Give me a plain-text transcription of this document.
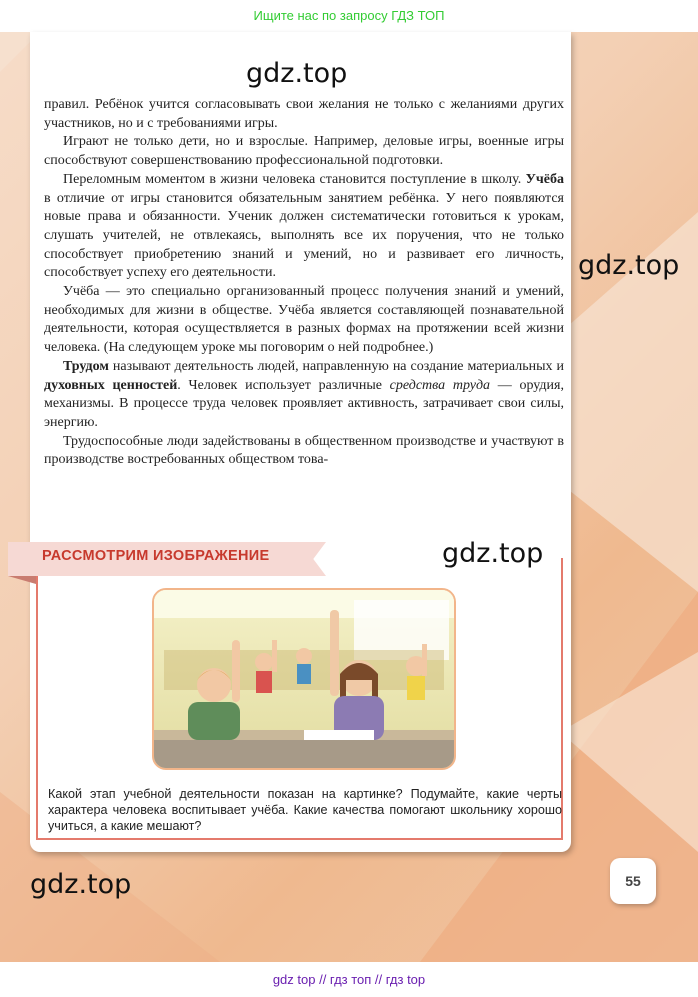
Ищите нас по запросу ГДЗ ТОП

правил. Ребёнок учится согласовывать свои желания не только с желаниями других участников, но и с требованиями игры.

Играют не только дети, но и взрослые. Например, деловые игры, военные игры способствуют совершенствованию профессиональной подготовки.

Переломным моментом в жизни человека становится поступление в школу. Учёба в отличие от игры становится обязательным занятием ребёнка. У него появляются новые права и обязанности. Ученик должен систематически готовиться к урокам, слушать учителей, не отвлекаясь, выполнять все их поручения, что не только способствует приобретению знаний и умений, но и развивает его личность, способствует успеху его деятельности.

Учёба — это специально организованный процесс получения знаний и умений, необходимых для жизни в обществе. Учёба является составляющей познавательной деятельности, которая осуществляется в разных формах на протяжении всей жизни человека. (На следующем уроке мы поговорим о ней подробнее.)

Трудом называют деятельность людей, направленную на создание материальных и духовных ценностей. Человек использует различные средства труда — орудия, механизмы. В процессе труда человек проявляет активность, затрачивает свои силы, энергию.

Трудоспособные люди задействованы в общественном производстве и участвуют в производстве востребованных обществом това-

РАССМОТРИМ ИЗОБРАЖЕНИЕ
Какой этап учебной деятельности показан на картинке? Подумайте, какие черты характера человека воспитывает учёба. Какие качества помогают школьнику хорошо учиться, а какие мешают?
55
gdz.top
gdz.top
gdz.top
gdz.top
gdz top // гдз топ // гдз top
